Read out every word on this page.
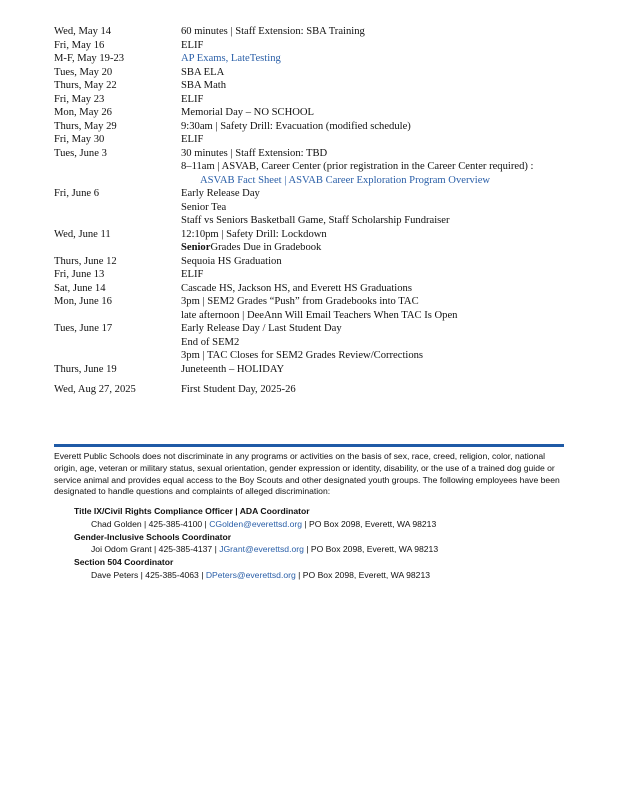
Wed, May 14	60 minutes | Staff Extension: SBA Training
Fri, May 16	ELIF
M-F, May 19-23	AP Exams, LateTesting
Tues, May 20	SBA ELA
Thurs, May 22	SBA Math
Fri, May 23	ELIF
Mon, May 26	Memorial Day – NO SCHOOL
Thurs, May 29	9:30am | Safety Drill: Evacuation (modified schedule)
Fri, May 30	ELIF
Tues, June 3	30 minutes | Staff Extension: TBD
8–11am | ASVAB, Career Center (prior registration in the Career Center required) :
ASVAB Fact Sheet | ASVAB Career Exploration Program Overview
Fri, June 6	Early Release Day
Senior Tea
Staff vs Seniors Basketball Game, Staff Scholarship Fundraiser
Wed, June 11	12:10pm | Safety Drill: Lockdown
SeniorGrades Due in Gradebook
Thurs, June 12	Sequoia HS Graduation
Fri, June 13	ELIF
Sat, June 14	Cascade HS, Jackson HS, and Everett HS Graduations
Mon, June 16	3pm | SEM2 Grades “Push” from Gradebooks into TAC
late afternoon | DeeAnn Will Email Teachers When TAC Is Open
Tues, June 17	Early Release Day / Last Student Day
End of SEM2
3pm | TAC Closes for SEM2 Grades Review/Corrections
Thurs, June 19	Juneteenth – HOLIDAY
Wed, Aug 27, 2025	First Student Day, 2025-26
Everett Public Schools does not discriminate in any programs or activities on the basis of sex, race, creed, religion, color, national origin, age, veteran or military status, sexual orientation, gender expression or identity, disability, or the use of a trained dog guide or service animal and provides equal access to the Boy Scouts and other designated youth groups. The following employees have been designated to handle questions and complaints of alleged discrimination:
Title IX/Civil Rights Compliance Officer | ADA Coordinator
Chad Golden | 425-385-4100 | CGolden@everettsd.org | PO Box 2098, Everett, WA 98213
Gender-Inclusive Schools Coordinator
Joi Odom Grant | 425-385-4137 | JGrant@everettsd.org | PO Box 2098, Everett, WA 98213
Section 504 Coordinator
Dave Peters | 425-385-4063 | DPeters@everettsd.org | PO Box 2098, Everett, WA 98213
